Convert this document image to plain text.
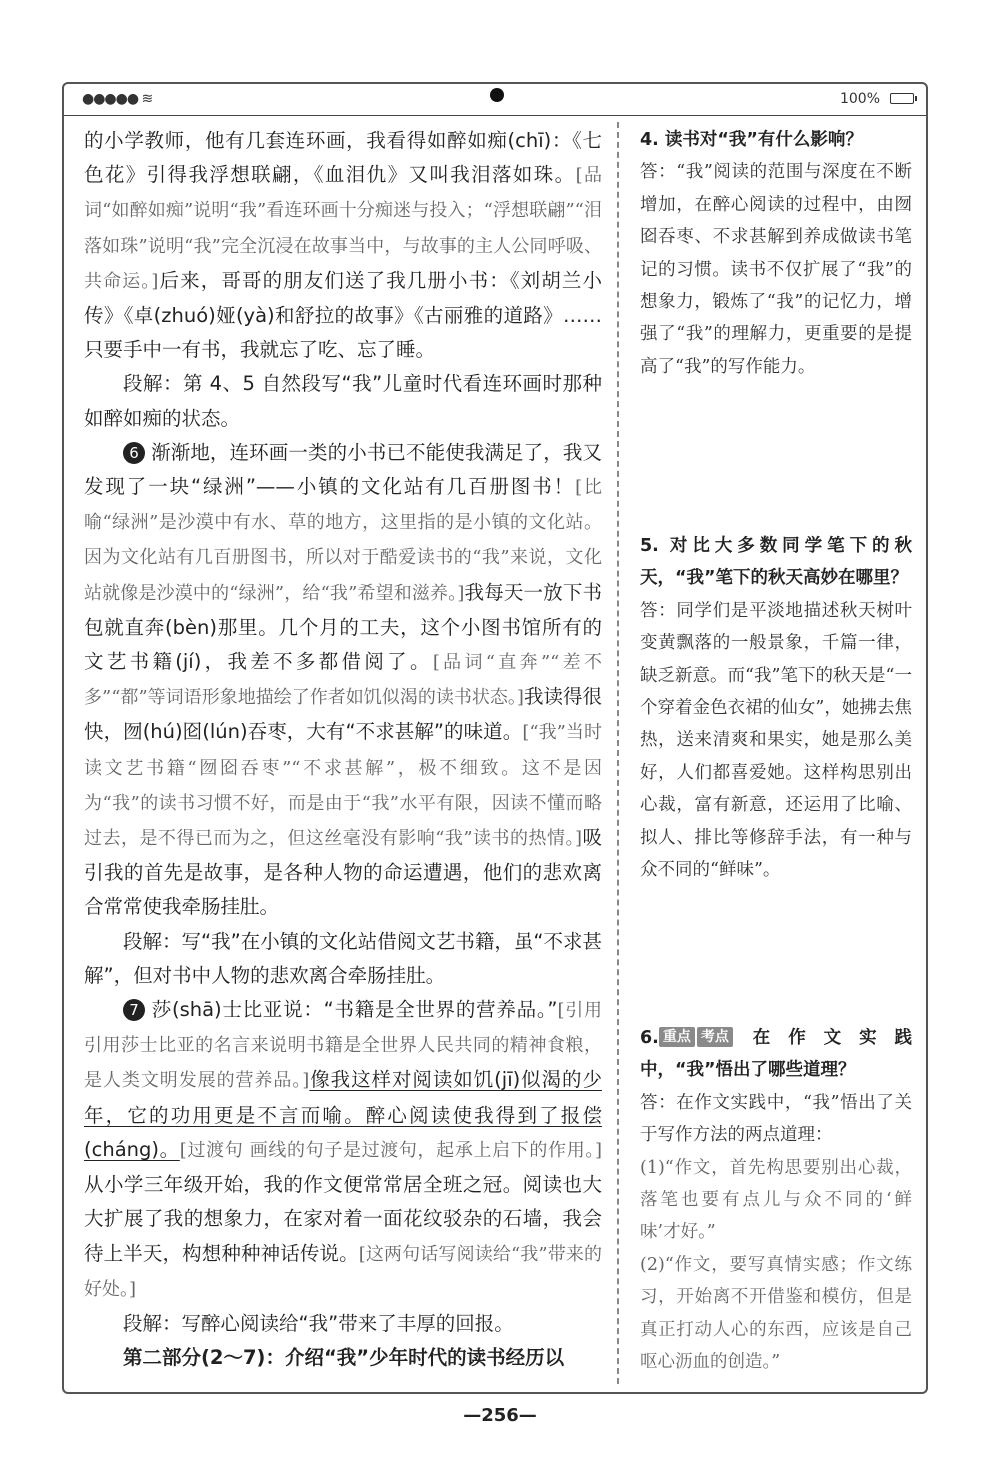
●●●●● ≋	100%

的小学教师，他有几套连环画，我看得如醉如痴(chī)：《七色花》引得我浮想联翩，《血泪仇》又叫我泪落如珠。[品词“如醉如痴”说明“我”看连环画十分痴迷与投入；“浮想联翩”“泪落如珠”说明“我”完全沉浸在故事当中，与故事的主人公同呼吸、共命运。]后来，哥哥的朋友们送了我几册小书：《刘胡兰小传》《卓(zhuó)娅(yà)和舒拉的故事》《古丽雅的道路》……只要手中一有书，我就忘了吃、忘了睡。

段解：第 4、5 自然段写“我”儿童时代看连环画时那种如醉如痴的状态。

6 渐渐地，连环画一类的小书已不能使我满足了，我又发现了一块“绿洲”——小镇的文化站有几百册图书！[比喻“绿洲”是沙漠中有水、草的地方，这里指的是小镇的文化站。因为文化站有几百册图书，所以对于酷爱读书的“我”来说，文化站就像是沙漠中的“绿洲”，给“我”希望和滋养。]我每天一放下书包就直奔(bèn)那里。几个月的工夫，这个小图书馆所有的文艺书籍(jí)，我差不多都借阅了。[品词“直奔”“差不多”“都”等词语形象地描绘了作者如饥似渴的读书状态。]我读得很快，囫(hú)囵(lún)吞枣，大有“不求甚解”的味道。[“我”当时读文艺书籍“囫囵吞枣”“不求甚解”，极不细致。这不是因为“我”的读书习惯不好，而是由于“我”水平有限，因读不懂而略过去，是不得已而为之，但这丝毫没有影响“我”读书的热情。]吸引我的首先是故事，是各种人物的命运遭遇，他们的悲欢离合常常使我牵肠挂肚。

段解：写“我”在小镇的文化站借阅文艺书籍，虽“不求甚解”，但对书中人物的悲欢离合牵肠挂肚。

7 莎(shā)士比亚说：“书籍是全世界的营养品。”[引用 引用莎士比亚的名言来说明书籍是全世界人民共同的精神食粮，是人类文明发展的营养品。]像我这样对阅读如饥(jī)似渴的少年，它的功用更是不言而喻。醉心阅读使我得到了报偿(cháng)。[过渡句 画线的句子是过渡句，起承上启下的作用。]从小学三年级开始，我的作文便常常居全班之冠。阅读也大大扩展了我的想象力，在家对着一面花纹驳杂的石墙，我会待上半天，构想种种神话传说。[这两句话写阅读给“我”带来的好处。]

段解：写醉心阅读给“我”带来了丰厚的回报。

第二部分(2～7)：介绍“我”少年时代的读书经历以

4. 读书对“我”有什么影响？
答：“我”阅读的范围与深度在不断增加，在醉心阅读的过程中，由囫囵吞枣、不求甚解到养成做读书笔记的习惯。读书不仅扩展了“我”的想象力，锻炼了“我”的记忆力，增强了“我”的理解力，更重要的是提高了“我”的写作能力。
5. 对比大多数同学笔下的秋天，“我”笔下的秋天高妙在哪里？
答：同学们是平淡地描述秋天树叶变黄飘落的一般景象，千篇一律，缺乏新意。而“我”笔下的秋天是“一个穿着金色衣裙的仙女”，她拂去焦热，送来清爽和果实，她是那么美好，人们都喜爱她。这样构思别出心裁，富有新意，还运用了比喻、拟人、排比等修辞手法，有一种与众不同的“鲜味”。
6. 重点 考点 在作文实践中，“我”悟出了哪些道理？
答：在作文实践中，“我”悟出了关于写作方法的两点道理：
(1)“作文，首先构思要别出心裁，落笔也要有点儿与众不同的‘鲜味’才好。”
(2)“作文，要写真情实感；作文练习，开始离不开借鉴和模仿，但是真正打动人心的东西，应该是自己呕心沥血的创造。”
—256—
